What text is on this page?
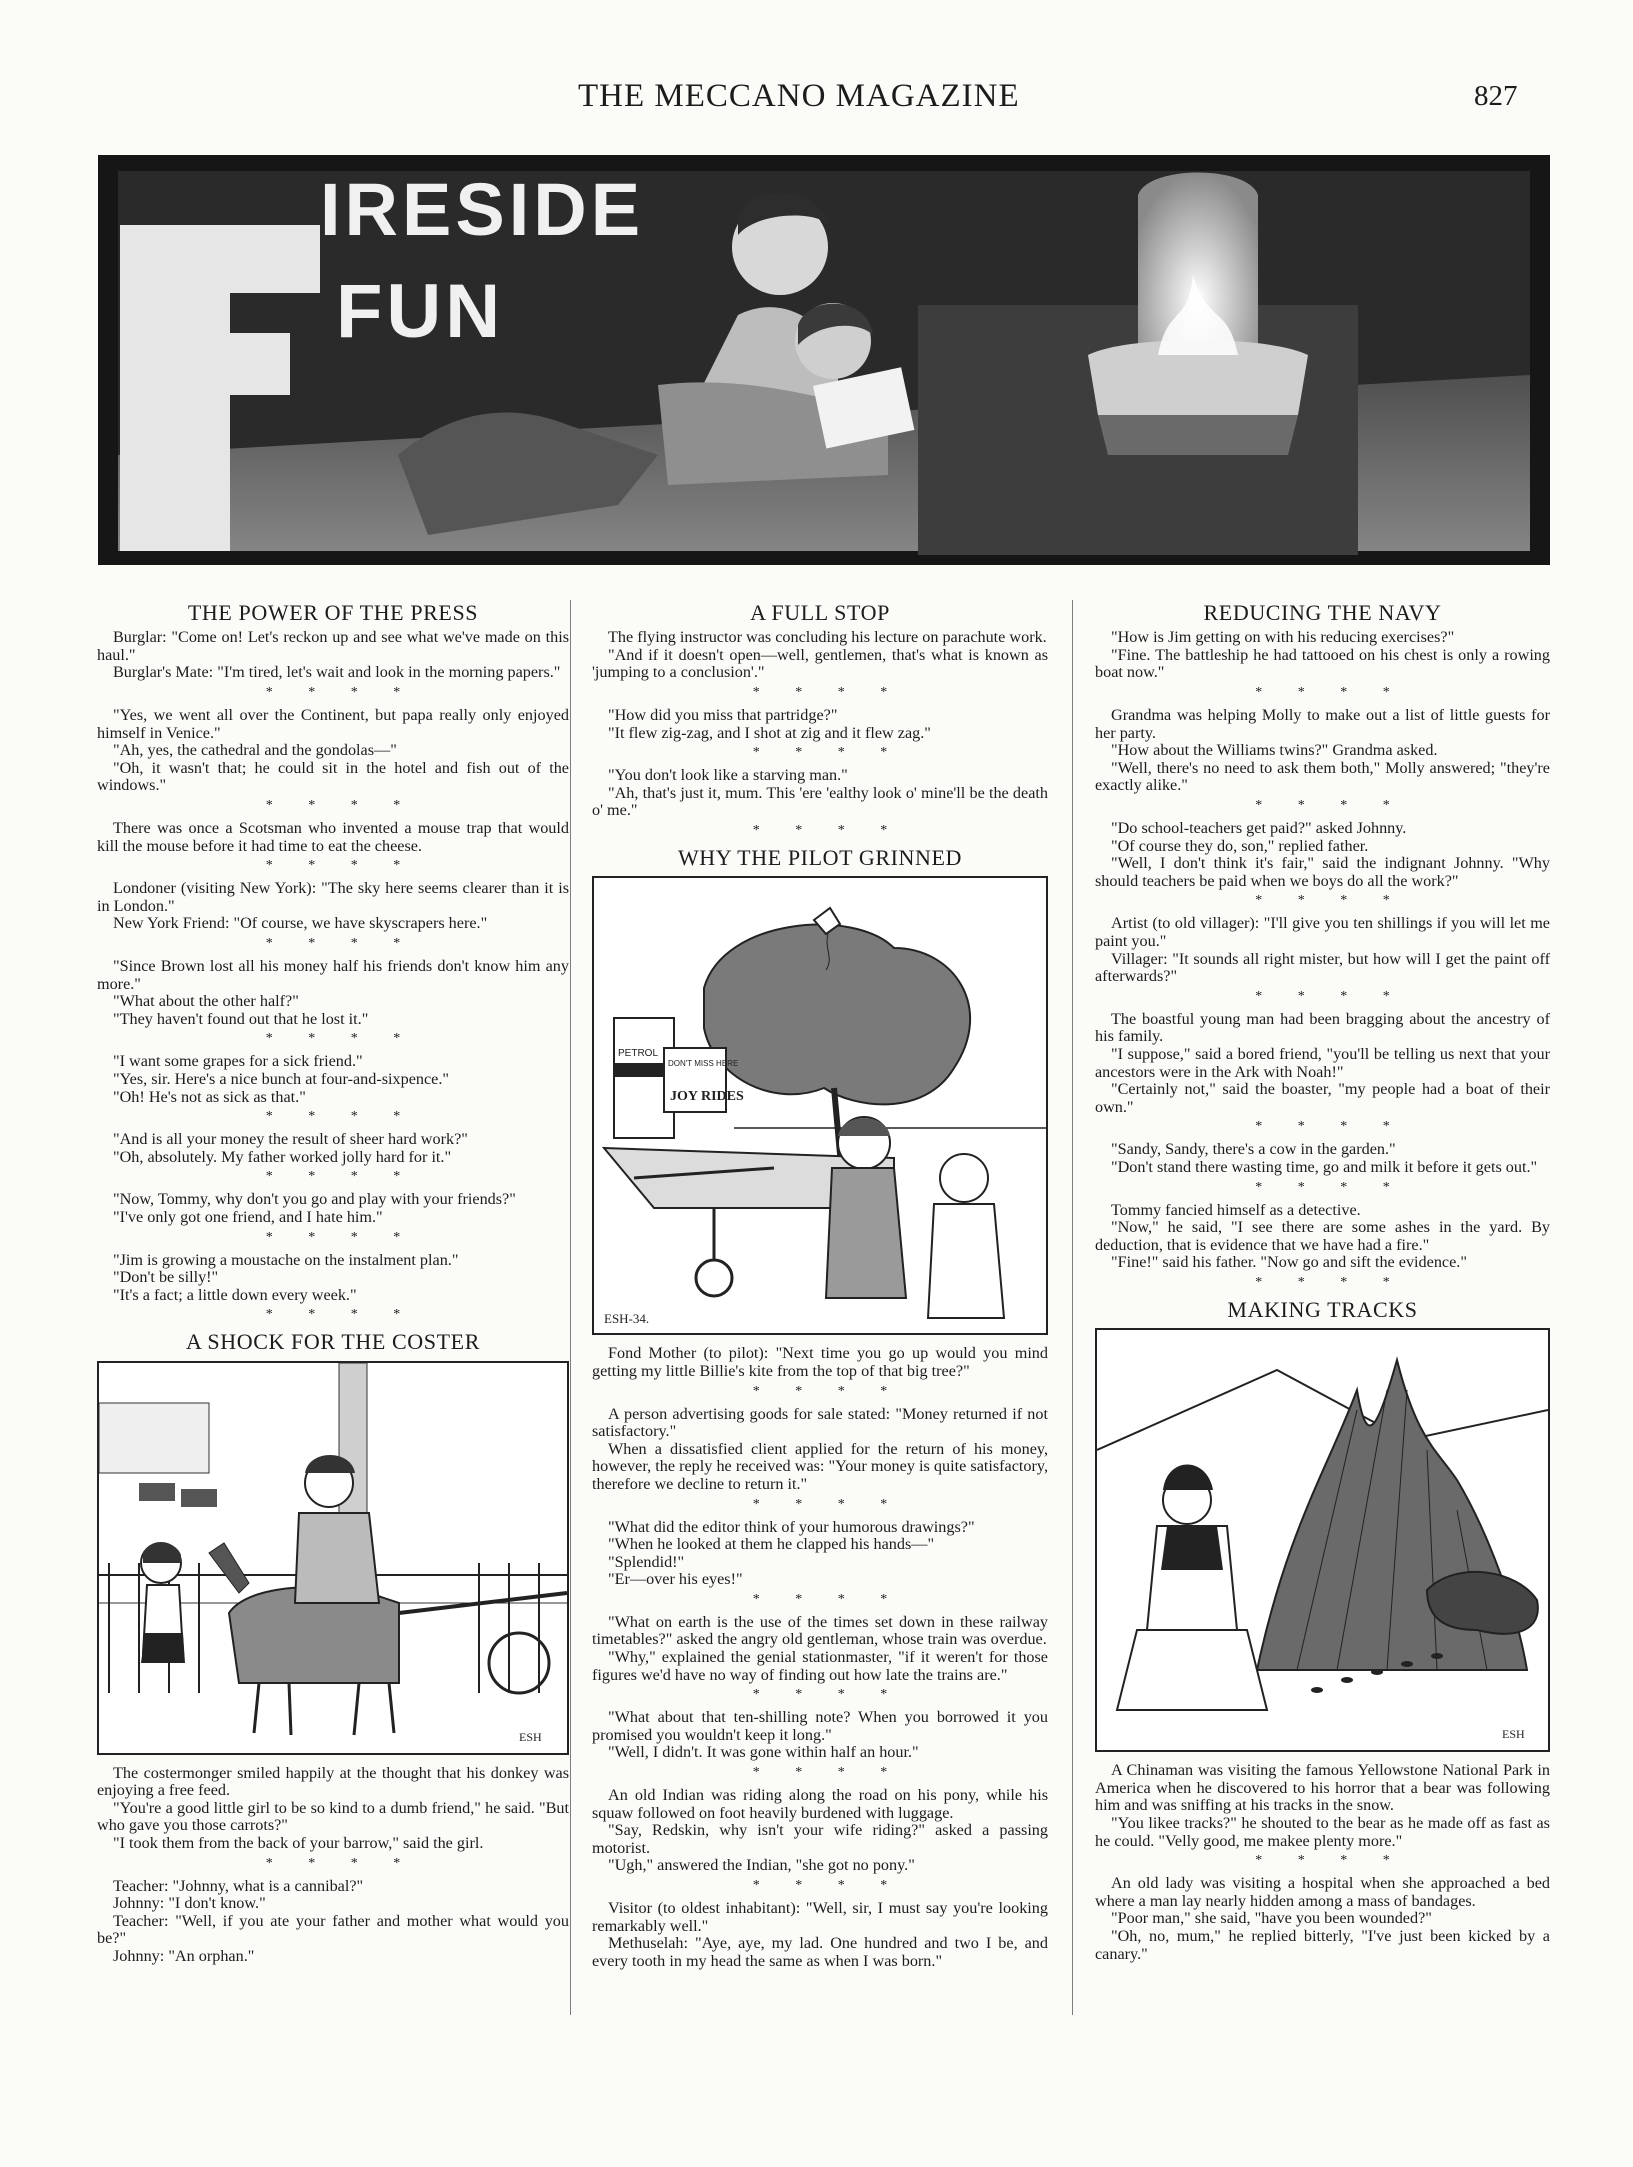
THE MECCANO MAGAZINE	827
IRESIDE
FUN
THE POWER OF THE PRESS

Burglar: "Come on! Let's reckon up and see what we've made on this haul."

Burglar's Mate: "I'm tired, let's wait and look in the morning papers."

* * * *

"Yes, we went all over the Continent, but papa really only enjoyed himself in Venice."

"Ah, yes, the cathedral and the gondolas—"

"Oh, it wasn't that; he could sit in the hotel and fish out of the windows."

* * * *

There was once a Scotsman who invented a mouse trap that would kill the mouse before it had time to eat the cheese.

* * * *

Londoner (visiting New York): "The sky here seems clearer than it is in London."

New York Friend: "Of course, we have skyscrapers here."

* * * *

"Since Brown lost all his money half his friends don't know him any more."

"What about the other half?"

"They haven't found out that he lost it."

* * * *

"I want some grapes for a sick friend."

"Yes, sir. Here's a nice bunch at four-and-sixpence."

"Oh! He's not as sick as that."

* * * *

"And is all your money the result of sheer hard work?"

"Oh, absolutely. My father worked jolly hard for it."

* * * *

"Now, Tommy, why don't you go and play with your friends?"

"I've only got one friend, and I hate him."

* * * *

"Jim is growing a moustache on the instalment plan."

"Don't be silly!"

"It's a fact; a little down every week."

* * * *
A SHOCK FOR THE COSTER
ESH

The costermonger smiled happily at the thought that his donkey was enjoying a free feed.

"You're a good little girl to be so kind to a dumb friend," he said. "But who gave you those carrots?"

"I took them from the back of your barrow," said the girl.

* * * *

Teacher: "Johnny, what is a cannibal?"

Johnny: "I don't know."

Teacher: "Well, if you ate your father and mother what would you be?"

Johnny: "An orphan."

A FULL STOP

The flying instructor was concluding his lecture on parachute work.

"And if it doesn't open—well, gentlemen, that's what is known as 'jumping to a conclusion'."

* * * *

"How did you miss that partridge?"

"It flew zig-zag, and I shot at zig and it flew zag."

* * * *

"You don't look like a starving man."

"Ah, that's just it, mum. This 'ere 'ealthy look o' mine'll be the death o' me."

* * * *
WHY THE PILOT GRINNED
PETROL
DON'T MISS HERE
JOY RIDES
ESH-34.

Fond Mother (to pilot): "Next time you go up would you mind getting my little Billie's kite from the top of that big tree?"

* * * *

A person advertising goods for sale stated: "Money returned if not satisfactory."

When a dissatisfied client applied for the return of his money, however, the reply he received was: "Your money is quite satisfactory, therefore we decline to return it."

* * * *

"What did the editor think of your humorous drawings?"

"When he looked at them he clapped his hands—"

"Splendid!"

"Er—over his eyes!"

* * * *

"What on earth is the use of the times set down in these railway timetables?" asked the angry old gentleman, whose train was overdue.

"Why," explained the genial stationmaster, "if it weren't for those figures we'd have no way of finding out how late the trains are."

* * * *

"What about that ten-shilling note? When you borrowed it you promised you wouldn't keep it long."

"Well, I didn't. It was gone within half an hour."

* * * *

An old Indian was riding along the road on his pony, while his squaw followed on foot heavily burdened with luggage.

"Say, Redskin, why isn't your wife riding?" asked a passing motorist.

"Ugh," answered the Indian, "she got no pony."

* * * *

Visitor (to oldest inhabitant): "Well, sir, I must say you're looking remarkably well."

Methuselah: "Aye, aye, my lad. One hundred and two I be, and every tooth in my head the same as when I was born."

REDUCING THE NAVY

"How is Jim getting on with his reducing exercises?"

"Fine. The battleship he had tattooed on his chest is only a rowing boat now."

* * * *

Grandma was helping Molly to make out a list of little guests for her party.

"How about the Williams twins?" Grandma asked.

"Well, there's no need to ask them both," Molly answered; "they're exactly alike."

* * * *

"Do school-teachers get paid?" asked Johnny.

"Of course they do, son," replied father.

"Well, I don't think it's fair," said the indignant Johnny. "Why should teachers be paid when we boys do all the work?"

* * * *

Artist (to old villager): "I'll give you ten shillings if you will let me paint you."

Villager: "It sounds all right mister, but how will I get the paint off afterwards?"

* * * *

The boastful young man had been bragging about the ancestry of his family.

"I suppose," said a bored friend, "you'll be telling us next that your ancestors were in the Ark with Noah!"

"Certainly not," said the boaster, "my people had a boat of their own."

* * * *

"Sandy, Sandy, there's a cow in the garden."

"Don't stand there wasting time, go and milk it before it gets out."

* * * *

Tommy fancied himself as a detective.

"Now," he said, "I see there are some ashes in the yard. By deduction, that is evidence that we have had a fire."

"Fine!" said his father. "Now go and sift the evidence."

* * * *
MAKING TRACKS
ESH

A Chinaman was visiting the famous Yellowstone National Park in America when he discovered to his horror that a bear was following him and was sniffing at his tracks in the snow.

"You likee tracks?" he shouted to the bear as he made off as fast as he could. "Velly good, me makee plenty more."

* * * *

An old lady was visiting a hospital when she approached a bed where a man lay nearly hidden among a mass of bandages.

"Poor man," she said, "have you been wounded?"

"Oh, no, mum," he replied bitterly, "I've just been kicked by a canary."
